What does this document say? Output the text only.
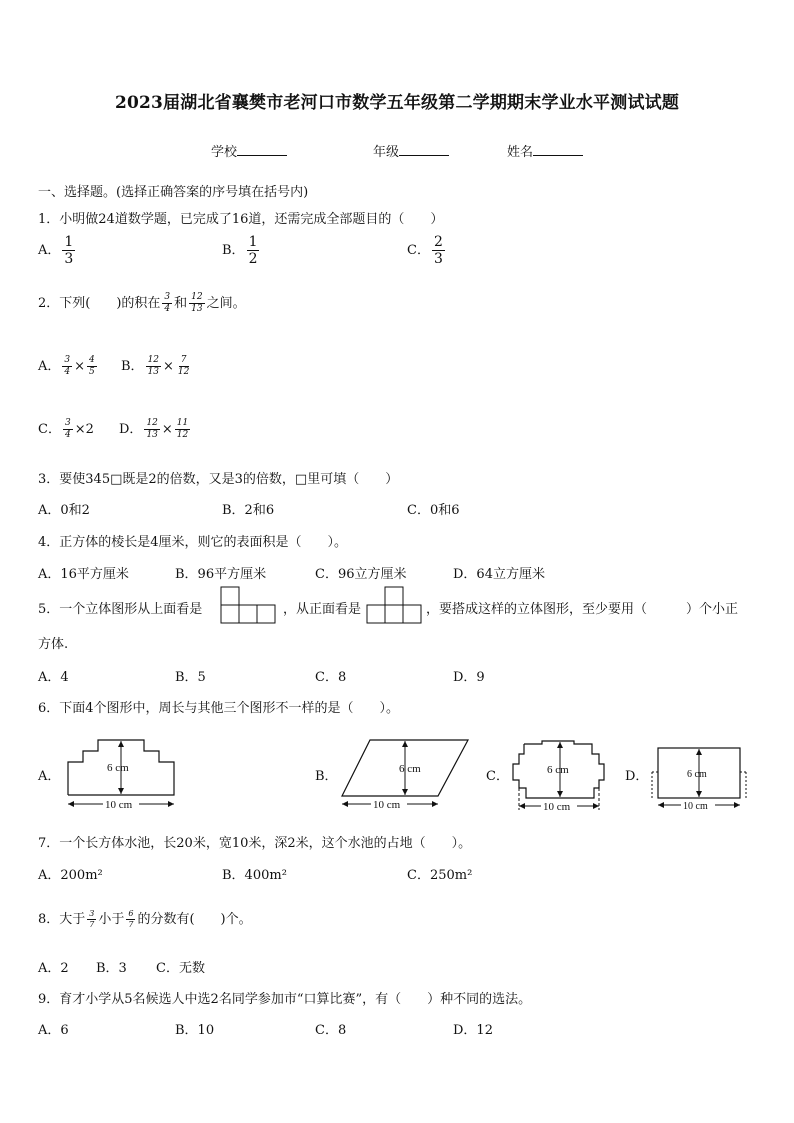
2023届湖北省襄樊市老河口市数学五年级第二学期期末学业水平测试试题
学校	年级	姓名
一、选择题。(选择正确答案的序号填在括号内)
1．小明做24道数学题，已完成了16道，还需完成全部题目的（　　）
A． $\frac{1}{3}$	B． $\frac{1}{2}$	C． $\frac{2}{3}$
2．下列(　　)的积在 $\frac{3}{4}$ 和 $\frac{12}{13}$ 之间。
A． $\frac{3}{4} \times \frac{4}{5}$ B． $\frac{12}{13} \times \frac{7}{12}$
C． $\frac{3}{4} \times 2$ D． $\frac{12}{13} \times \frac{11}{12}$
3．要使345□既是2的倍数，又是3的倍数，□里可填（　　）
A．0和2	B．2和6	C．0和6
4．正方体的棱长是4厘米，则它的表面积是（　　）。
A．16平方厘米	B．96平方厘米	C．96立方厘米	D．64立方厘米
5．一个立体图形从上面看是	，从正面看是	，要搭成这样的立体图形，至少要用（　　　）个小正
方体.
A．4	B．5	C．8	D．9
6．下面4个图形中，周长与其他三个图形不一样的是（　　）。
A．
6 cm
10 cm
B．	6 cm
10 cm
C．	6 cm
10 cm
D．	6 cm
10 cm
7．一个长方体水池，长20米，宽10米，深2米，这个水池的占地（　　）。
A．200m²	B．400m²	C．250m²
8．大于 $\frac{3}{7}$ 小于 $\frac{6}{7}$ 的分数有(　　)个。
A．2 B．3 C．无数
9．育才小学从5名候选人中选2名同学参加市“口算比赛”，有（　　）种不同的选法。
A．6	B．10	C．8	D．12
